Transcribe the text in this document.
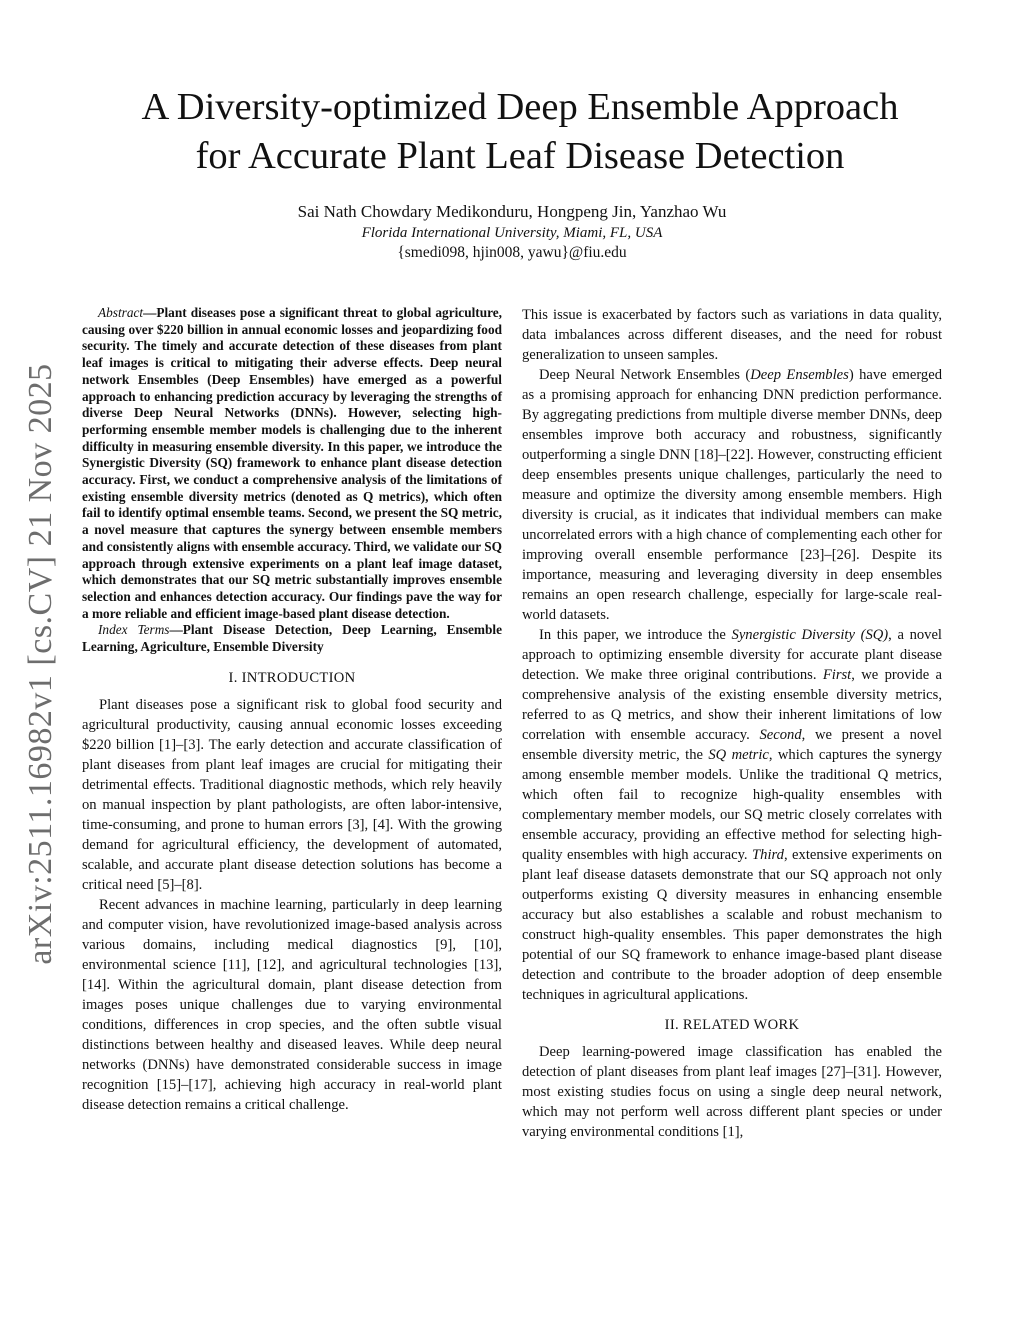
arXiv:2511.16982v1 [cs.CV] 21 Nov 2025
A Diversity-optimized Deep Ensemble Approach
for Accurate Plant Leaf Disease Detection
Sai Nath Chowdary Medikonduru, Hongpeng Jin, Yanzhao Wu
Florida International University, Miami, FL, USA
{smedi098, hjin008, yawu}@fiu.edu

Abstract—Plant diseases pose a significant threat to global agriculture, causing over $220 billion in annual economic losses and jeopardizing food security. The timely and accurate detection of these diseases from plant leaf images is critical to mitigating their adverse effects. Deep neural network Ensembles (Deep Ensembles) have emerged as a powerful approach to enhancing prediction accuracy by leveraging the strengths of diverse Deep Neural Networks (DNNs). However, selecting high-performing ensemble member models is challenging due to the inherent difficulty in measuring ensemble diversity. In this paper, we introduce the Synergistic Diversity (SQ) framework to enhance plant disease detection accuracy. First, we conduct a comprehensive analysis of the limitations of existing ensemble diversity metrics (denoted as Q metrics), which often fail to identify optimal ensemble teams. Second, we present the SQ metric, a novel measure that captures the synergy between ensemble members and consistently aligns with ensemble accuracy. Third, we validate our SQ approach through extensive experiments on a plant leaf image dataset, which demonstrates that our SQ metric substantially improves ensemble selection and enhances detection accuracy. Our findings pave the way for a more reliable and efficient image-based plant disease detection.

Index Terms—Plant Disease Detection, Deep Learning, Ensemble Learning, Agriculture, Ensemble Diversity

I. INTRODUCTION

Plant diseases pose a significant risk to global food security and agricultural productivity, causing annual economic losses exceeding $220 billion [1]–[3]. The early detection and accurate classification of plant diseases from plant leaf images are crucial for mitigating their detrimental effects. Traditional diagnostic methods, which rely heavily on manual inspection by plant pathologists, are often labor-intensive, time-consuming, and prone to human errors [3], [4]. With the growing demand for agricultural efficiency, the development of automated, scalable, and accurate plant disease detection solutions has become a critical need [5]–[8].

Recent advances in machine learning, particularly in deep learning and computer vision, have revolutionized image-based analysis across various domains, including medical diagnostics [9], [10], environmental science [11], [12], and agricultural technologies [13], [14]. Within the agricultural domain, plant disease detection from images poses unique challenges due to varying environmental conditions, differences in crop species, and the often subtle visual distinctions between healthy and diseased leaves. While deep neural networks (DNNs) have demonstrated considerable success in image recognition [15]–[17], achieving high accuracy in real-world plant disease detection remains a critical challenge.

This issue is exacerbated by factors such as variations in data quality, data imbalances across different diseases, and the need for robust generalization to unseen samples.

Deep Neural Network Ensembles (Deep Ensembles) have emerged as a promising approach for enhancing DNN prediction performance. By aggregating predictions from multiple diverse member DNNs, deep ensembles improve both accuracy and robustness, significantly outperforming a single DNN [18]–[22]. However, constructing efficient deep ensembles presents unique challenges, particularly the need to measure and optimize the diversity among ensemble members. High diversity is crucial, as it indicates that individual members can make uncorrelated errors with a high chance of complementing each other for improving overall ensemble performance [23]–[26]. Despite its importance, measuring and leveraging diversity in deep ensembles remains an open research challenge, especially for large-scale real-world datasets.

In this paper, we introduce the Synergistic Diversity (SQ), a novel approach to optimizing ensemble diversity for accurate plant disease detection. We make three original contributions. First, we provide a comprehensive analysis of the existing ensemble diversity metrics, referred to as Q metrics, and show their inherent limitations of low correlation with ensemble accuracy. Second, we present a novel ensemble diversity metric, the SQ metric, which captures the synergy among ensemble member models. Unlike the traditional Q metrics, which often fail to recognize high-quality ensembles with complementary member models, our SQ metric closely correlates with ensemble accuracy, providing an effective method for selecting high-quality ensembles with high accuracy. Third, extensive experiments on plant leaf disease datasets demonstrate that our SQ approach not only outperforms existing Q diversity measures in enhancing ensemble accuracy but also establishes a scalable and robust mechanism to construct high-quality ensembles. This paper demonstrates the high potential of our SQ framework to enhance image-based plant disease detection and contribute to the broader adoption of deep ensemble techniques in agricultural applications.

II. RELATED WORK

Deep learning-powered image classification has enabled the detection of plant diseases from plant leaf images [27]–[31]. However, most existing studies focus on using a single deep neural network, which may not perform well across different plant species or under varying environmental conditions [1],
